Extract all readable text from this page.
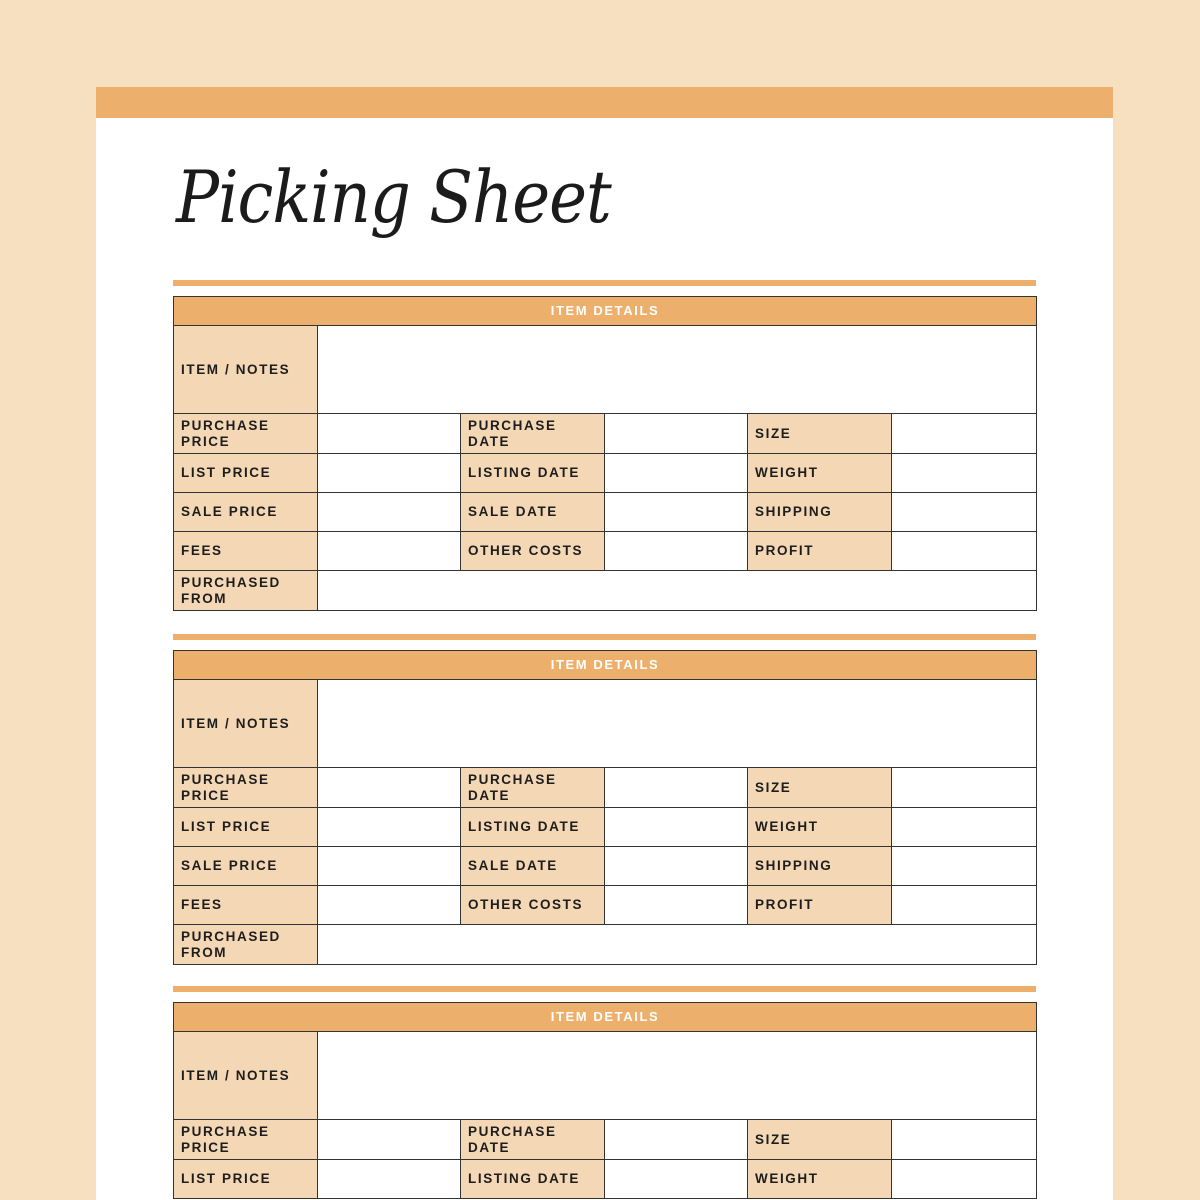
Picking Sheet
ITEM DETAILS					
ITEM / NOTES					
PURCHASE PRICE		PURCHASE DATE		SIZE	
LIST PRICE		LISTING DATE		WEIGHT	
SALE PRICE		SALE DATE		SHIPPING	
FEES		OTHER COSTS		PROFIT	
PURCHASED FROM					
ITEM DETAILS					
ITEM / NOTES					
PURCHASE PRICE		PURCHASE DATE		SIZE	
LIST PRICE		LISTING DATE		WEIGHT	
SALE PRICE		SALE DATE		SHIPPING	
FEES		OTHER COSTS		PROFIT	
PURCHASED FROM					
ITEM DETAILS					
ITEM / NOTES					
PURCHASE PRICE		PURCHASE DATE		SIZE	
LIST PRICE		LISTING DATE		WEIGHT	
